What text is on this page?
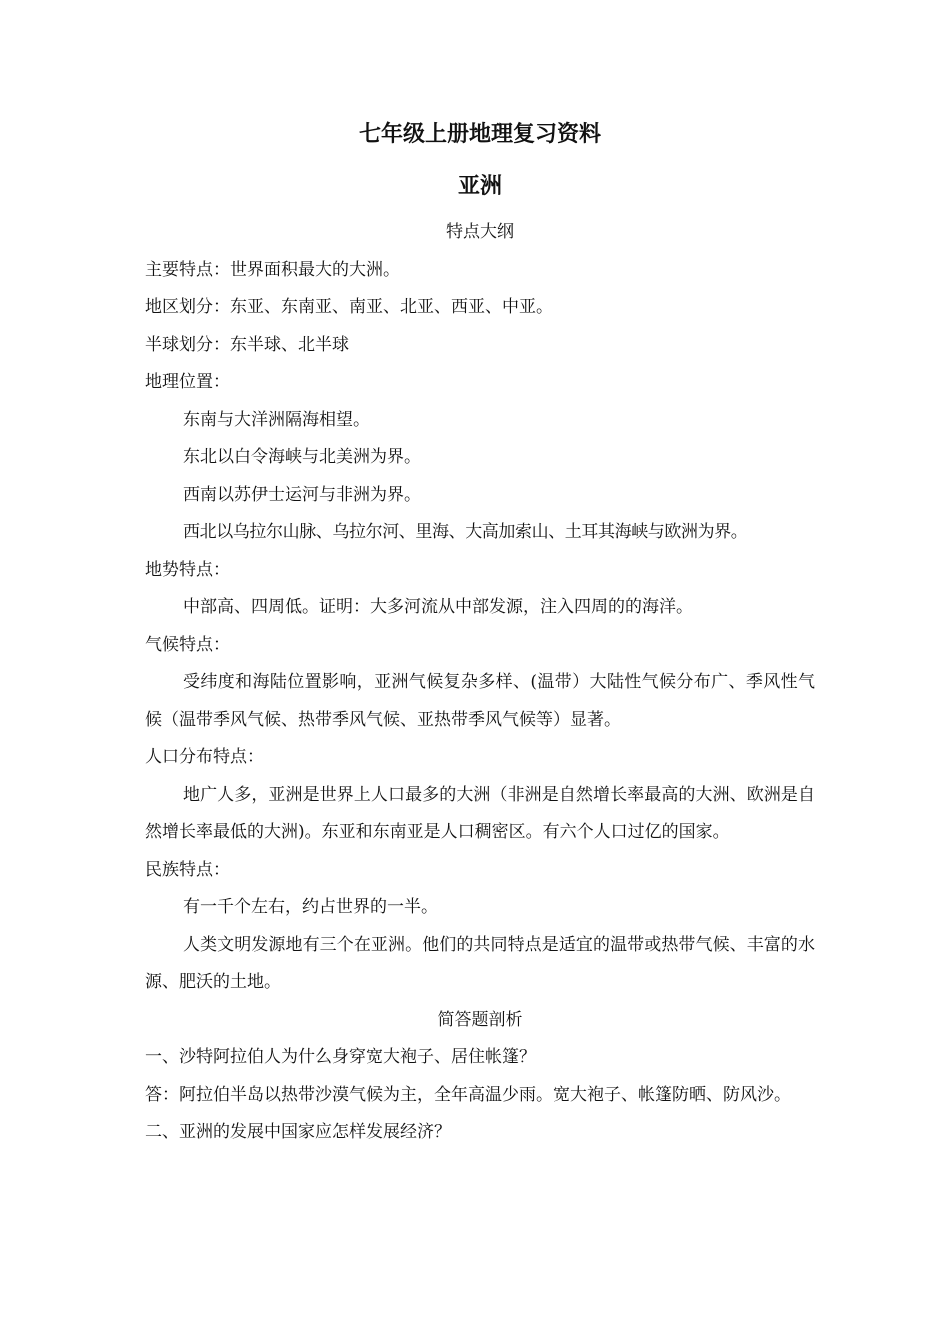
七年级上册地理复习资料
亚洲

特点大纲

主要特点：世界面积最大的大洲。

地区划分：东亚、东南亚、南亚、北亚、西亚、中亚。

半球划分：东半球、北半球

地理位置：

东南与大洋洲隔海相望。

东北以白令海峡与北美洲为界。

西南以苏伊士运河与非洲为界。

西北以乌拉尔山脉、乌拉尔河、里海、大高加索山、土耳其海峡与欧洲为界。

地势特点：

中部高、四周低。证明：大多河流从中部发源，注入四周的的海洋。

气候特点：

受纬度和海陆位置影响，亚洲气候复杂多样、(温带）大陆性气候分布广、季风性气候（温带季风气候、热带季风气候、亚热带季风气候等）显著。

人口分布特点：

地广人多，亚洲是世界上人口最多的大洲（非洲是自然增长率最高的大洲、欧洲是自然增长率最低的大洲)。东亚和东南亚是人口稠密区。有六个人口过亿的国家。

民族特点：

有一千个左右，约占世界的一半。

人类文明发源地有三个在亚洲。他们的共同特点是适宜的温带或热带气候、丰富的水源、肥沃的土地。

简答题剖析

一、沙特阿拉伯人为什么身穿宽大袍子、居住帐篷？

答：阿拉伯半岛以热带沙漠气候为主，全年高温少雨。宽大袍子、帐篷防晒、防风沙。

二、亚洲的发展中国家应怎样发展经济？
